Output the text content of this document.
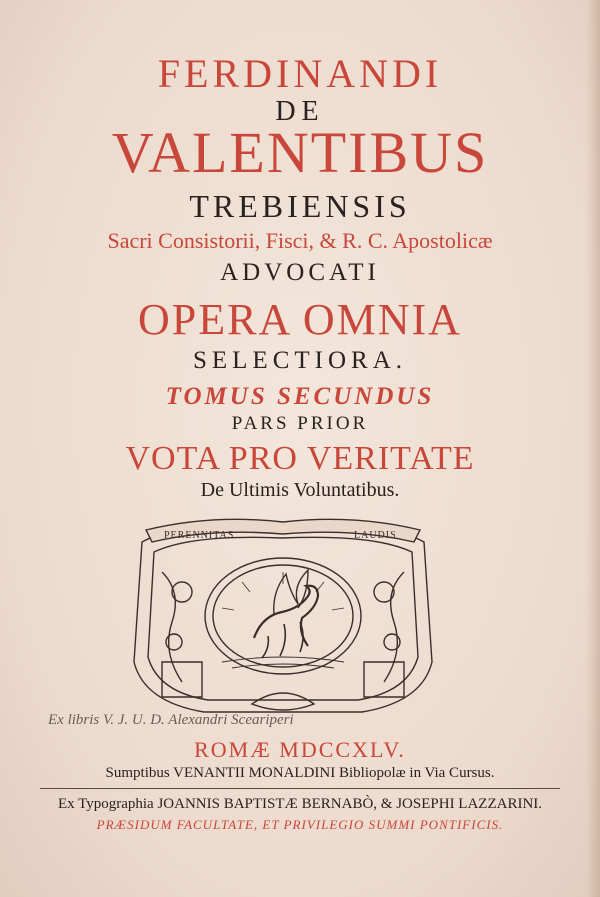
FERDINANDI
DE
VALENTIBUS
TREBIENSIS
Sacri Consistorii, Fisci, & R. C. Apostolicæ
ADVOCATI
OPERA OMNIA
SELECTIORA.
TOMUS SECUNDUS
PARS PRIOR
VOTA PRO VERITATE
De Ultimis Voluntatibus.
PERENNITAS	LAUDIS
Ex libris V. J. U. D. Alexandri Sceariperi
ROMÆ MDCCXLV.
Sumptibus VENANTII MONALDINI Bibliopolæ in Via Cursus.
Ex Typographia JOANNIS BAPTISTÆ BERNABÒ, & JOSEPHI LAZZARINI.
PRÆSIDUM FACULTATE, ET PRIVILEGIO SUMMI PONTIFICIS.
